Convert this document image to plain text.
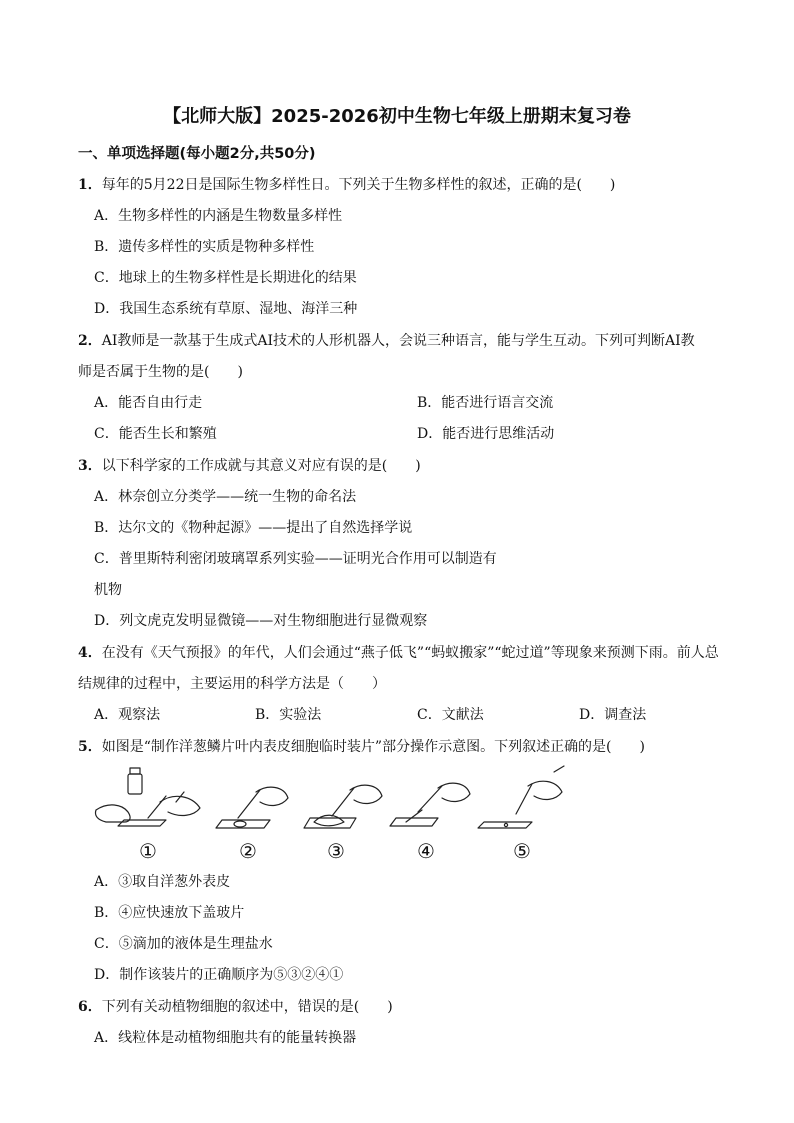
【北师大版】2025-2026初中生物七年级上册期末复习卷
一、单项选择题(每小题2分,共50分)
1．每年的5月22日是国际生物多样性日。下列关于生物多样性的叙述，正确的是(　　)
A．生物多样性的内涵是生物数量多样性
B．遗传多样性的实质是物种多样性
C．地球上的生物多样性是长期进化的结果
D．我国生态系统有草原、湿地、海洋三种
2．AI教师是一款基于生成式AI技术的人形机器人，会说三种语言，能与学生互动。下列可判断AI教
师是否属于生物的是(　　)
A．能否自由行走	B．能否进行语言交流
C．能否生长和繁殖	D．能否进行思维活动
3．以下科学家的工作成就与其意义对应有误的是(　　)
A．林奈创立分类学——统一生物的命名法
B．达尔文的《物种起源》——提出了自然选择学说
C．普里斯特利密闭玻璃罩系列实验——证明光合作用可以制造有
机物
D．列文虎克发明显微镜——对生物细胞进行显微观察
4．在没有《天气预报》的年代，人们会通过“燕子低飞”“蚂蚁搬家”“蛇过道”等现象来预测下雨。前人总
结规律的过程中，主要运用的科学方法是（　　）
A．观察法	B．实验法	C．文献法	D．调查法
5．如图是“制作洋葱鳞片叶内表皮细胞临时装片”部分操作示意图。下列叙述正确的是(　　)
①	②	③	④	⑤
A．③取自洋葱外表皮
B．④应快速放下盖玻片
C．⑤滴加的液体是生理盐水
D．制作该装片的正确顺序为⑤③②④①
6．下列有关动植物细胞的叙述中，错误的是(　　)
A．线粒体是动植物细胞共有的能量转换器
